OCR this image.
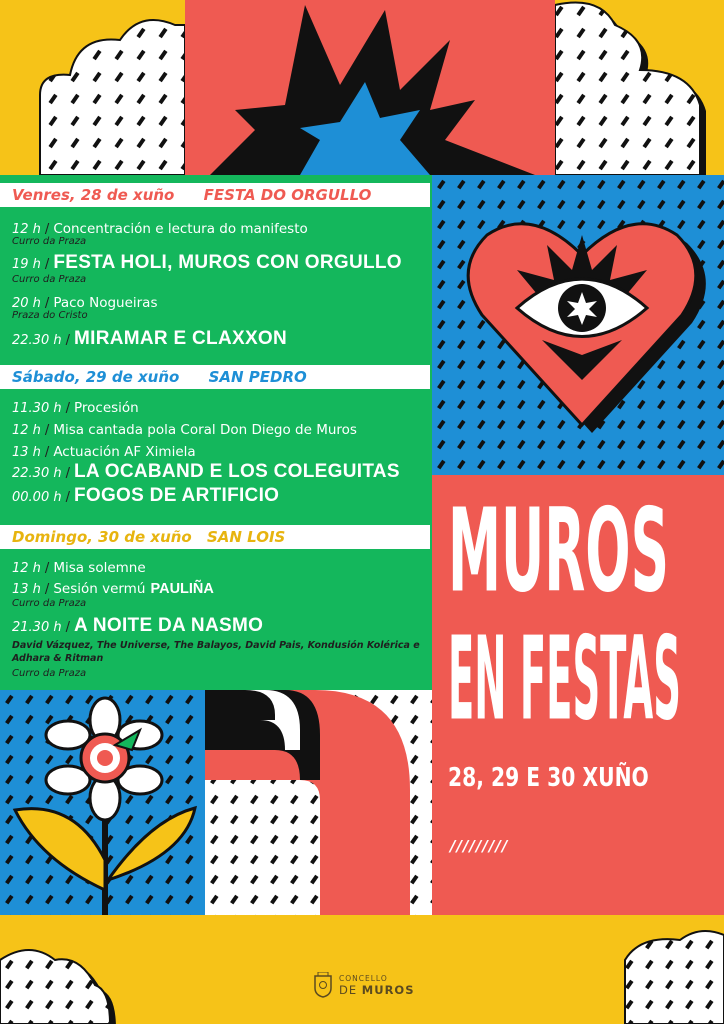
Venres, 28 de xuño FESTA DO ORGULLO
12 h / Concentración e lectura do manifesto
Curro da Praza
19 h / FESTA HOLI, MUROS CON ORGULLO
Curro da Praza
20 h / Paco Nogueiras
Praza do Cristo
22.30 h / MIRAMAR E CLAXXON
Sábado, 29 de xuño SAN PEDRO
11.30 h / Procesión
12 h / Misa cantada pola Coral Don Diego de Muros
13 h / Actuación AF Ximiela
22.30 h / LA OCABAND E LOS COLEGUITAS
00.00 h / FOGOS DE ARTIFICIO
Domingo, 30 de xuño SAN LOIS
12 h / Misa solemne
13 h / Sesión vermú PAULIÑA
Curro da Praza
21.30 h / A NOITE DA NASMO
David Vázquez, The Universe, The Balayos, David Pais, Kondusión Kolérica e Adhara & Ritman
Curro da Praza
MUROS
EN FESTAS
28, 29 E 30 XUÑO
/////////
CONCELLO
DE MUROS
